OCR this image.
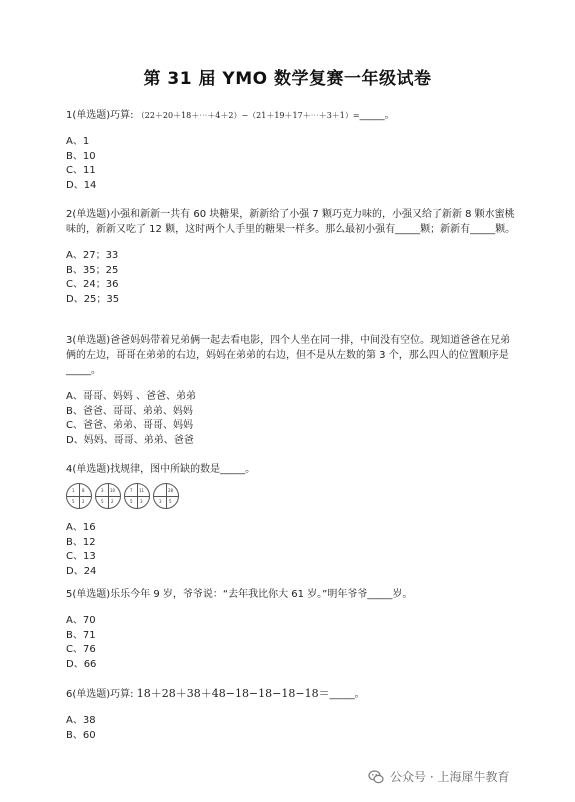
第 31 届 YMO 数学复赛一年级试卷
1(单选题)巧算: （22＋20＋18＋⋯＋4＋2）−（21＋19＋17＋⋯＋3＋1）=_____。
A、1
B、10
C、11
D、14
2(单选题)小强和新新一共有 60 块糖果，新新给了小强 7 颗巧克力味的，小强又给了新新 8 颗水蜜桃味的，新新又吃了 12 颗，这时两个人手里的糖果一样多。那么最初小强有_____颗；新新有_____颗。
A、27；33
B、35；25
C、24；36
D、25；35
3(单选题)爸爸妈妈带着兄弟俩一起去看电影，四个人坐在同一排，中间没有空位。现知道爸爸在兄弟俩的左边，哥哥在弟弟的右边，妈妈在弟弟的右边，但不是从左数的第 3 个，那么四人的位置顺序是_____。
A、哥哥、妈妈 、爸爸、弟弟
B、爸爸、哥哥、弟弟、妈妈
C、爸爸、弟弟、哥哥、妈妈
D、妈妈、哥哥、弟弟、爸爸
4(单选题)找规律，图中所缺的数是_____。
1 8
5 2
3 10
5 2
7 11
5 3
28
3 5
A、16
B、12
C、13
D、24
5(单选题)乐乐今年 9 岁，爷爷说：“去年我比你大 61 岁。”明年爷爷_____岁。
A、70
B、71
C、76
D、66
6(单选题)巧算: 18＋28＋38＋48−18−18−18−18＝_____。
A、38
B、60
公众号 · 上海犀牛教育
